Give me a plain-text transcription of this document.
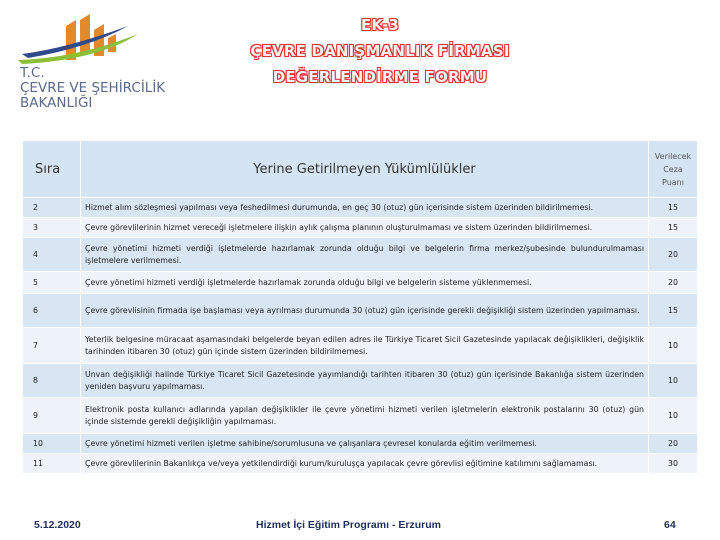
T.C.
ÇEVRE VE ŞEHİRCİLİK
BAKANLIĞI
EK-3
ÇEVRE DANIŞMANLIK FİRMASI
DEĞERLENDİRME FORMU
Sıra	Yerine Getirilmeyen Yükümlülükler	Verilecek
Ceza
Puanı

2	Hizmet alım sözleşmesi yapılması veya feshedilmesi durumunda, en geç 30 (otuz) gün içerisinde sistem üzerinden bildirilmemesi.	15
3	Çevre görevlilerinin hizmet vereceği işletmelere ilişkin aylık çalışma planının oluşturulmaması ve sistem üzerinden bildirilmemesi.	15
4	Çevre yönetimi hizmeti verdiği işletmelerde hazırlamak zorunda olduğu bilgi ve belgelerin firma merkez/şubesinde bulundurulmaması işletmelere verilmemesi.	20
5	Çevre yönetimi hizmeti verdiği işletmelerde hazırlamak zorunda olduğu bilgi ve belgelerin sisteme yüklenmemesi.	20
6	Çevre görevlisinin firmada işe başlaması veya ayrılması durumunda 30 (otuz) gün içerisinde gerekli değişikliği sistem üzerinden yapılmaması.	15
7	Yeterlik belgesine müracaat aşamasındaki belgelerde beyan edilen adres ile Türkiye Ticaret Sicil Gazetesinde yapılacak değişiklikleri, değişiklik tarihinden itibaren 30 (otuz) gün içinde sistem üzerinden bildirilmemesi.	10
8	Unvan değişikliği halinde Türkiye Ticaret Sicil Gazetesinde yayımlandığı tarihten itibaren 30 (otuz) gün içerisinde Bakanlığa sistem üzerinden yeniden başvuru yapılmaması.	10
9	Elektronik posta kullanıcı adlarında yapılan değişiklikler ile çevre yönetimi hizmeti verilen işletmelerin elektronik postalarını 30 (otuz) gün içinde sistemde gerekli değişikliğin yapılmaması.	10
10	Çevre yönetimi hizmeti verilen işletme sahibine/sorumlusuna ve çalışanlara çevresel konularda eğitim verilmemesi.	20
11	Çevre görevlilerinin Bakanlıkça ve/veya yetkilendirdiği kurum/kuruluşça yapılacak çevre görevlisi eğitimine katılımını sağlamaması.	30
5.12.2020	Hizmet İçi Eğitim Programı - Erzurum	64
